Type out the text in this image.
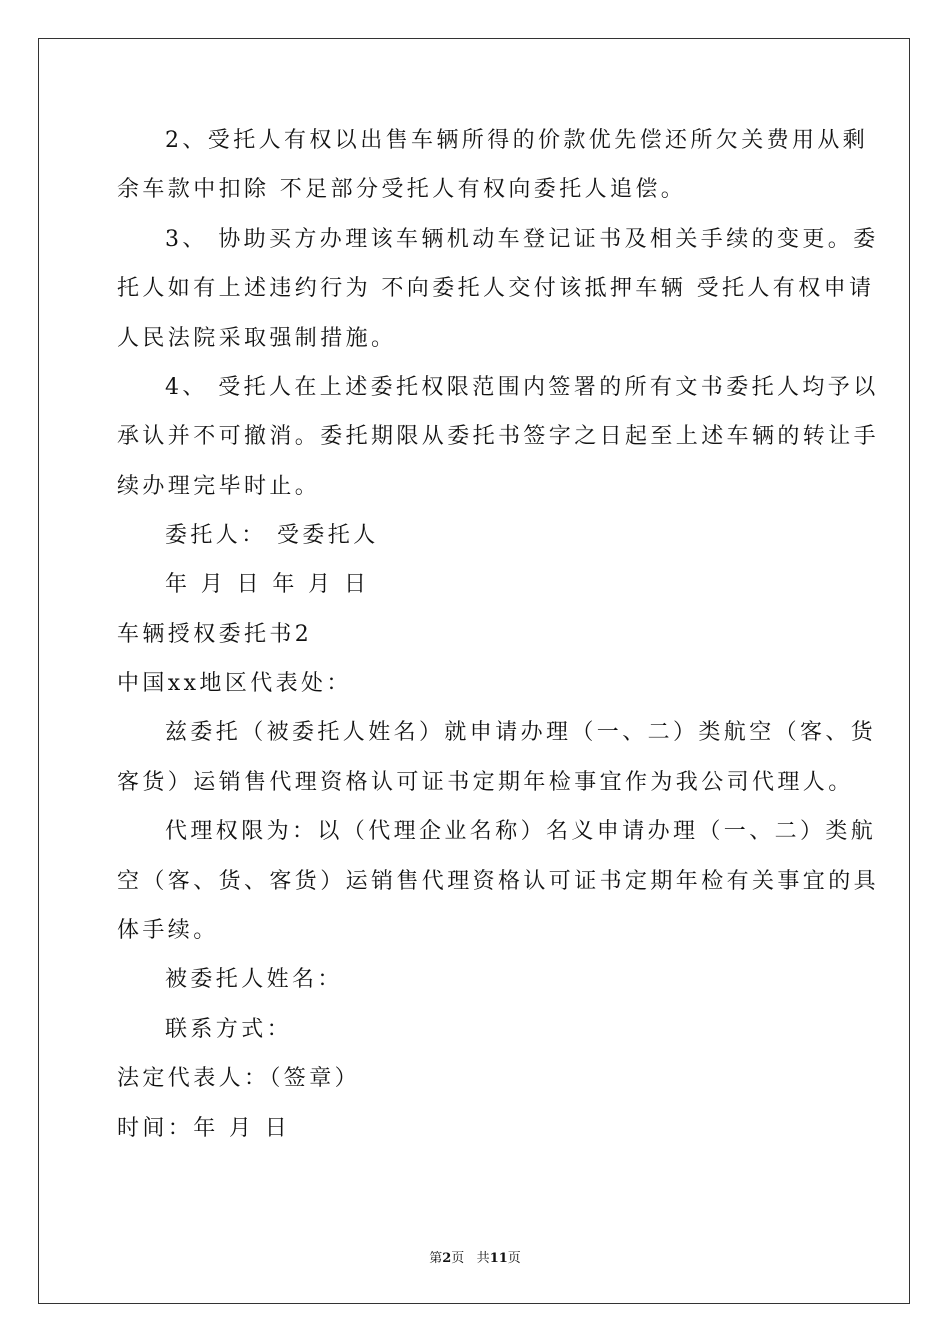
2、受托人有权以出售车辆所得的价款优先偿还所欠关费用从剩
余车款中扣除 不足部分受托人有权向委托人追偿。
3、 协助买方办理该车辆机动车登记证书及相关手续的变更。委
托人如有上述违约行为 不向委托人交付该抵押车辆 受托人有权申请
人民法院采取强制措施。
4、 受托人在上述委托权限范围内签署的所有文书委托人均予以
承认并不可撤消。委托期限从委托书签字之日起至上述车辆的转让手
续办理完毕时止。
委托人： 受委托人
年 月 日 年 月 日
车辆授权委托书2
中国xx地区代表处：
兹委托（被委托人姓名）就申请办理（一、二）类航空（客、货
客货）运销售代理资格认可证书定期年检事宜作为我公司代理人。
代理权限为：以（代理企业名称）名义申请办理（一、二）类航
空（客、货、客货）运销售代理资格认可证书定期年检有关事宜的具
体手续。
被委托人姓名：
联系方式：
法定代表人：（签章）
时间：年 月 日
第2页 共11页
